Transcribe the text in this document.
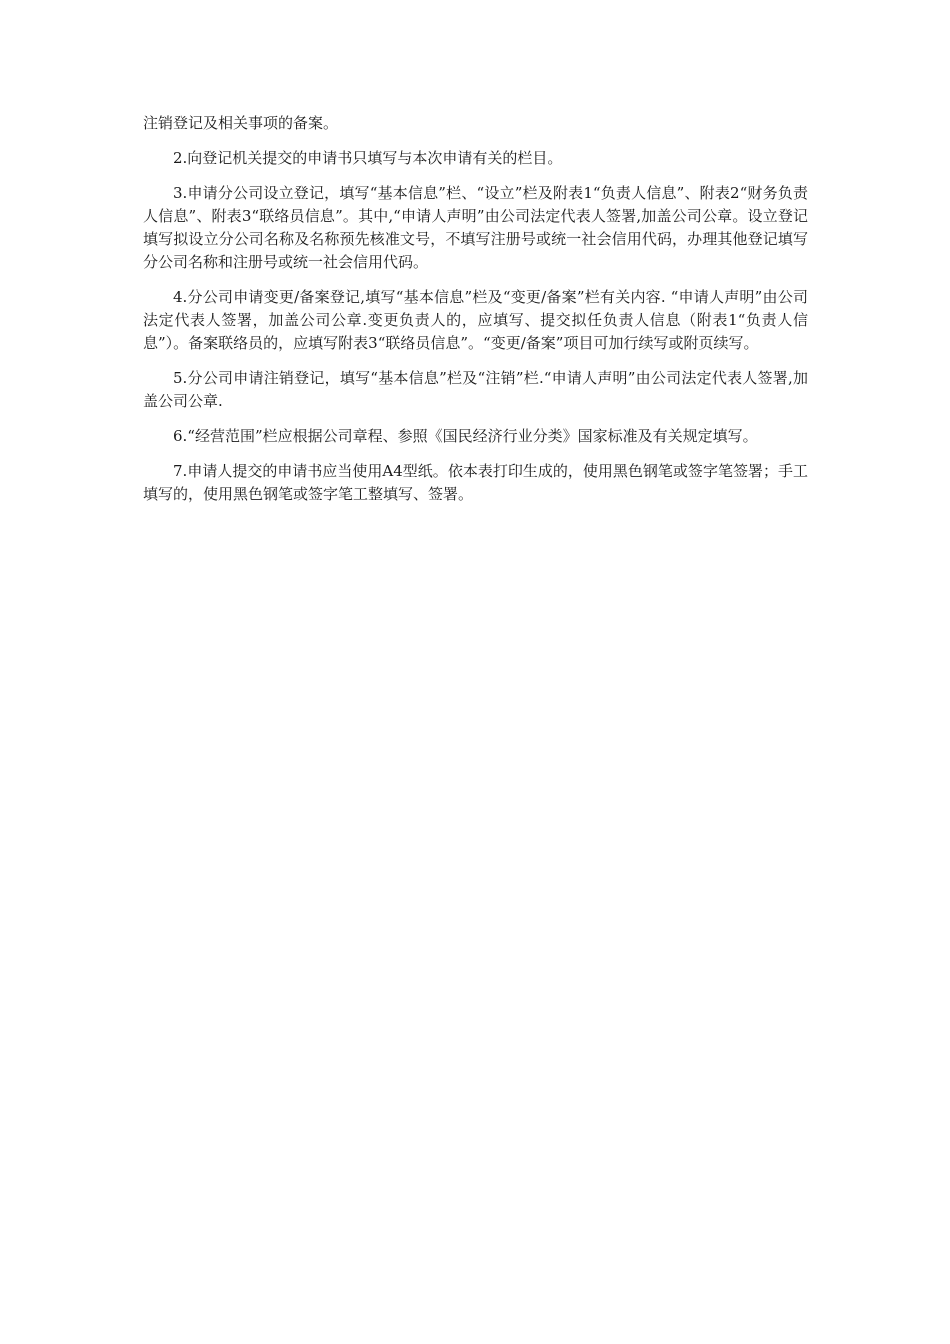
注销登记及相关事项的备案。

2.向登记机关提交的申请书只填写与本次申请有关的栏目。

3.申请分公司设立登记，填写“基本信息”栏、“设立”栏及附表1“负责人信息”、附表2“财务负责人信息”、附表3“联络员信息”。其中,“申请人声明”由公司法定代表人签署,加盖公司公章。设立登记填写拟设立分公司名称及名称预先核准文号，不填写注册号或统一社会信用代码，办理其他登记填写分公司名称和注册号或统一社会信用代码。

4.分公司申请变更/备案登记,填写“基本信息”栏及“变更/备案”栏有关内容. “申请人声明”由公司法定代表人签署，加盖公司公章.变更负责人的，应填写、提交拟任负责人信息（附表1“负责人信息”）。备案联络员的，应填写附表3“联络员信息”。“变更/备案”项目可加行续写或附页续写。

5.分公司申请注销登记，填写“基本信息”栏及“注销”栏.“申请人声明”由公司法定代表人签署,加盖公司公章.

6.“经营范围”栏应根据公司章程、参照《国民经济行业分类》国家标准及有关规定填写。

7.申请人提交的申请书应当使用A4型纸。依本表打印生成的，使用黑色钢笔或签字笔签署；手工填写的，使用黑色钢笔或签字笔工整填写、签署。
